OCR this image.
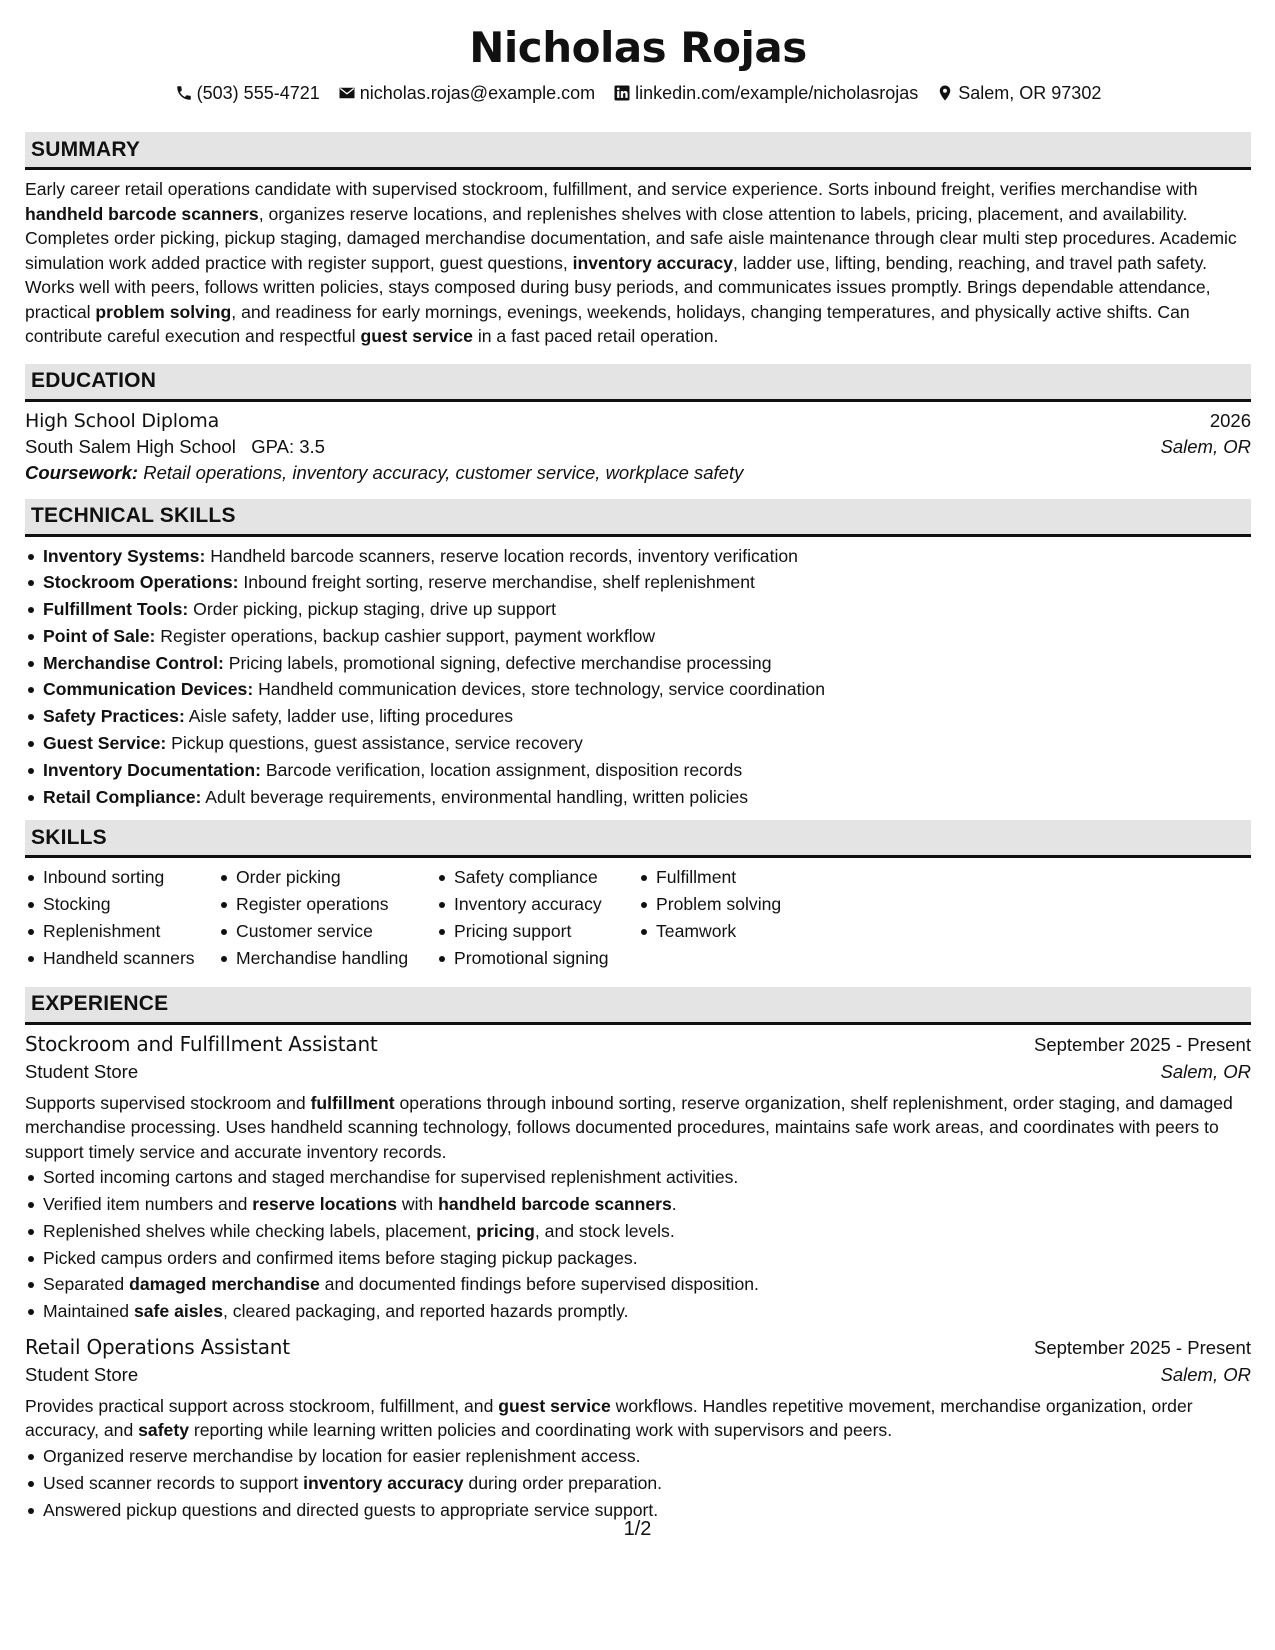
Nicholas Rojas
(503) 555-4721 nicholas.rojas@example.com linkedin.com/example/nicholasrojas Salem, OR 97302
SUMMARY
Early career retail operations candidate with supervised stockroom, fulfillment, and service experience. Sorts inbound freight, verifies merchandise with handheld barcode scanners, organizes reserve locations, and replenishes shelves with close attention to labels, pricing, placement, and availability. Completes order picking, pickup staging, damaged merchandise documentation, and safe aisle maintenance through clear multi step procedures. Academic simulation work added practice with register support, guest questions, inventory accuracy, ladder use, lifting, bending, reaching, and travel path safety. Works well with peers, follows written policies, stays composed during busy periods, and communicates issues promptly. Brings dependable attendance, practical problem solving, and readiness for early mornings, evenings, weekends, holidays, changing temperatures, and physically active shifts. Can contribute careful execution and respectful guest service in a fast paced retail operation.
EDUCATION
High School Diploma	2026
South Salem High School GPA: 3.5	Salem, OR
Coursework: Retail operations, inventory accuracy, customer service, workplace safety
TECHNICAL SKILLS
Inventory Systems: Handheld barcode scanners, reserve location records, inventory verification
Stockroom Operations: Inbound freight sorting, reserve merchandise, shelf replenishment
Fulfillment Tools: Order picking, pickup staging, drive up support
Point of Sale: Register operations, backup cashier support, payment workflow
Merchandise Control: Pricing labels, promotional signing, defective merchandise processing
Communication Devices: Handheld communication devices, store technology, service coordination
Safety Practices: Aisle safety, ladder use, lifting procedures
Guest Service: Pickup questions, guest assistance, service recovery
Inventory Documentation: Barcode verification, location assignment, disposition records
Retail Compliance: Adult beverage requirements, environmental handling, written policies
SKILLS
Inbound sorting
Stocking
Replenishment
Handheld scanners
Order picking
Register operations
Customer service
Merchandise handling
Safety compliance
Inventory accuracy
Pricing support
Promotional signing
Fulfillment
Problem solving
Teamwork
EXPERIENCE
Stockroom and Fulfillment Assistant	September 2025 - Present
Student Store	Salem, OR
Supports supervised stockroom and fulfillment operations through inbound sorting, reserve organization, shelf replenishment, order staging, and damaged merchandise processing. Uses handheld scanning technology, follows documented procedures, maintains safe work areas, and coordinates with peers to support timely service and accurate inventory records.
Sorted incoming cartons and staged merchandise for supervised replenishment activities.
Verified item numbers and reserve locations with handheld barcode scanners.
Replenished shelves while checking labels, placement, pricing, and stock levels.
Picked campus orders and confirmed items before staging pickup packages.
Separated damaged merchandise and documented findings before supervised disposition.
Maintained safe aisles, cleared packaging, and reported hazards promptly.
Retail Operations Assistant	September 2025 - Present
Student Store	Salem, OR
Provides practical support across stockroom, fulfillment, and guest service workflows. Handles repetitive movement, merchandise organization, order accuracy, and safety reporting while learning written policies and coordinating work with supervisors and peers.
Organized reserve merchandise by location for easier replenishment access.
Used scanner records to support inventory accuracy during order preparation.
Answered pickup questions and directed guests to appropriate service support.
1/2
